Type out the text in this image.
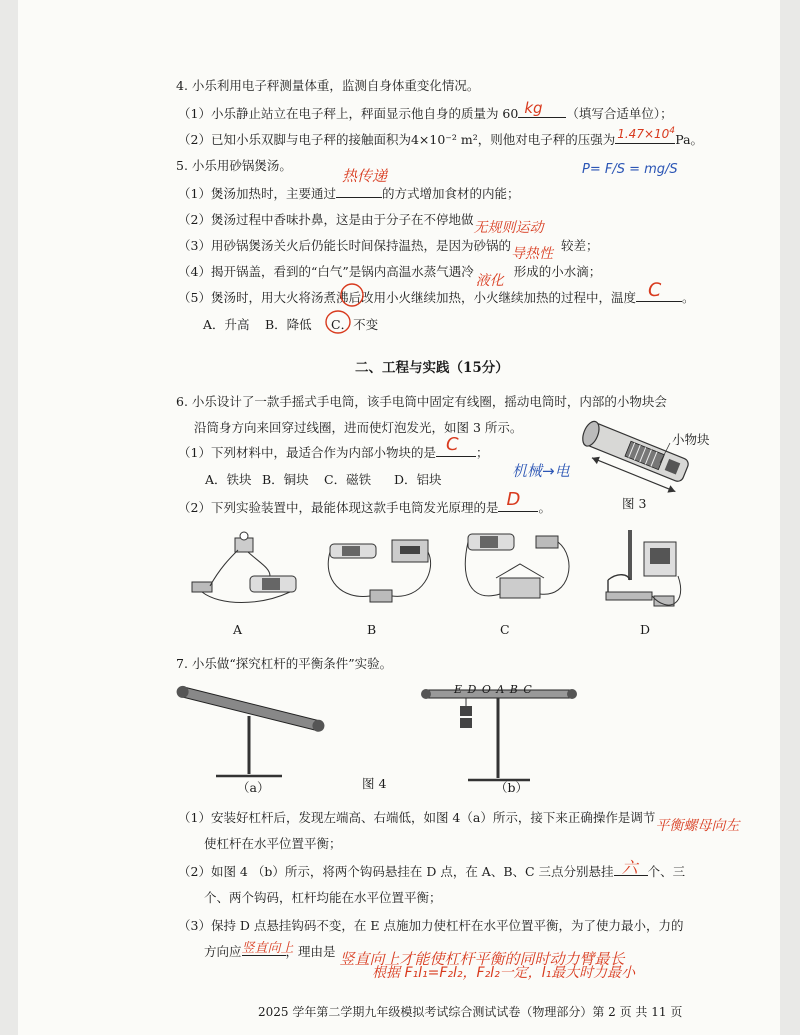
4. 小乐利用电子秤测量体重，监测自身体重变化情况。
（1）小乐静止站立在电子秤上，秤面显示他自身的质量为 60 kg （填写合适单位）；
（2）已知小乐双脚与电子秤的接触面积为4×10⁻² m²，则他对电子秤的压强为 $1.47\times 10^4$
Pa。
5. 小乐用砂锅煲汤。	P= F/S = mg/S
（1）煲汤加热时，主要通过
热传递
的方式增加食材的内能；
（2）煲汤过程中香味扑鼻，这是由于分子在不停地做
无规则运动
（3）用砂锅煲汤关火后仍能长时间保持温热，是因为砂锅的
导热性
较差；
（4）揭开锅盖，看到的“白气”是锅内高温水蒸气遇冷
液化
形成的小水滴；
（5）煲汤时，用大火将汤煮沸后改用小火继续加热，小火继续加热的过程中，温度 C 。
A．升高 B．降低 C．不变
二、工程与实践（15分）
6. 小乐设计了一款手摇式手电筒，该手电筒中固定有线圈，摇动电筒时，内部的小物块会
沿筒身方向来回穿过线圈，进而使灯泡发光，如图 3 所示。
（1）下列材料中，最适合作为内部小物块的是 C ；
A．铁块 B．铜块 C．磁铁 D．铝块	机械→电
（2）下列实验装置中，最能体现这款手电筒发光原理的是 D 。
小物块
图 3
A	B	C	D
7. 小乐做“探究杠杆的平衡条件”实验。
（a）
E D O A B C
（b）
图 4
（1）安装好杠杆后，发现左端高、右端低，如图 4（a）所示，接下来正确操作是调节
平衡螺母向左
使杠杆在水平位置平衡；
（2）如图 4 （b）所示，将两个钩码悬挂在 D 点，在 A、B、C 三点分别悬挂 六 个、三
个、两个钩码，杠杆均能在水平位置平衡；
（3）保持 D 点悬挂钩码不变，在 E 点施加力使杠杆在水平位置平衡，为了使力最小，力的
方向应 竖直向上
，理由是 竖直向上才能使杠杆平衡的同时动力臂最长
根据 F₁l₁=F₂l₂，F₂l₂一定，l₁最大时力最小
2025 学年第二学期九年级模拟考试综合测试试卷（物理部分）第 2 页 共 11 页
